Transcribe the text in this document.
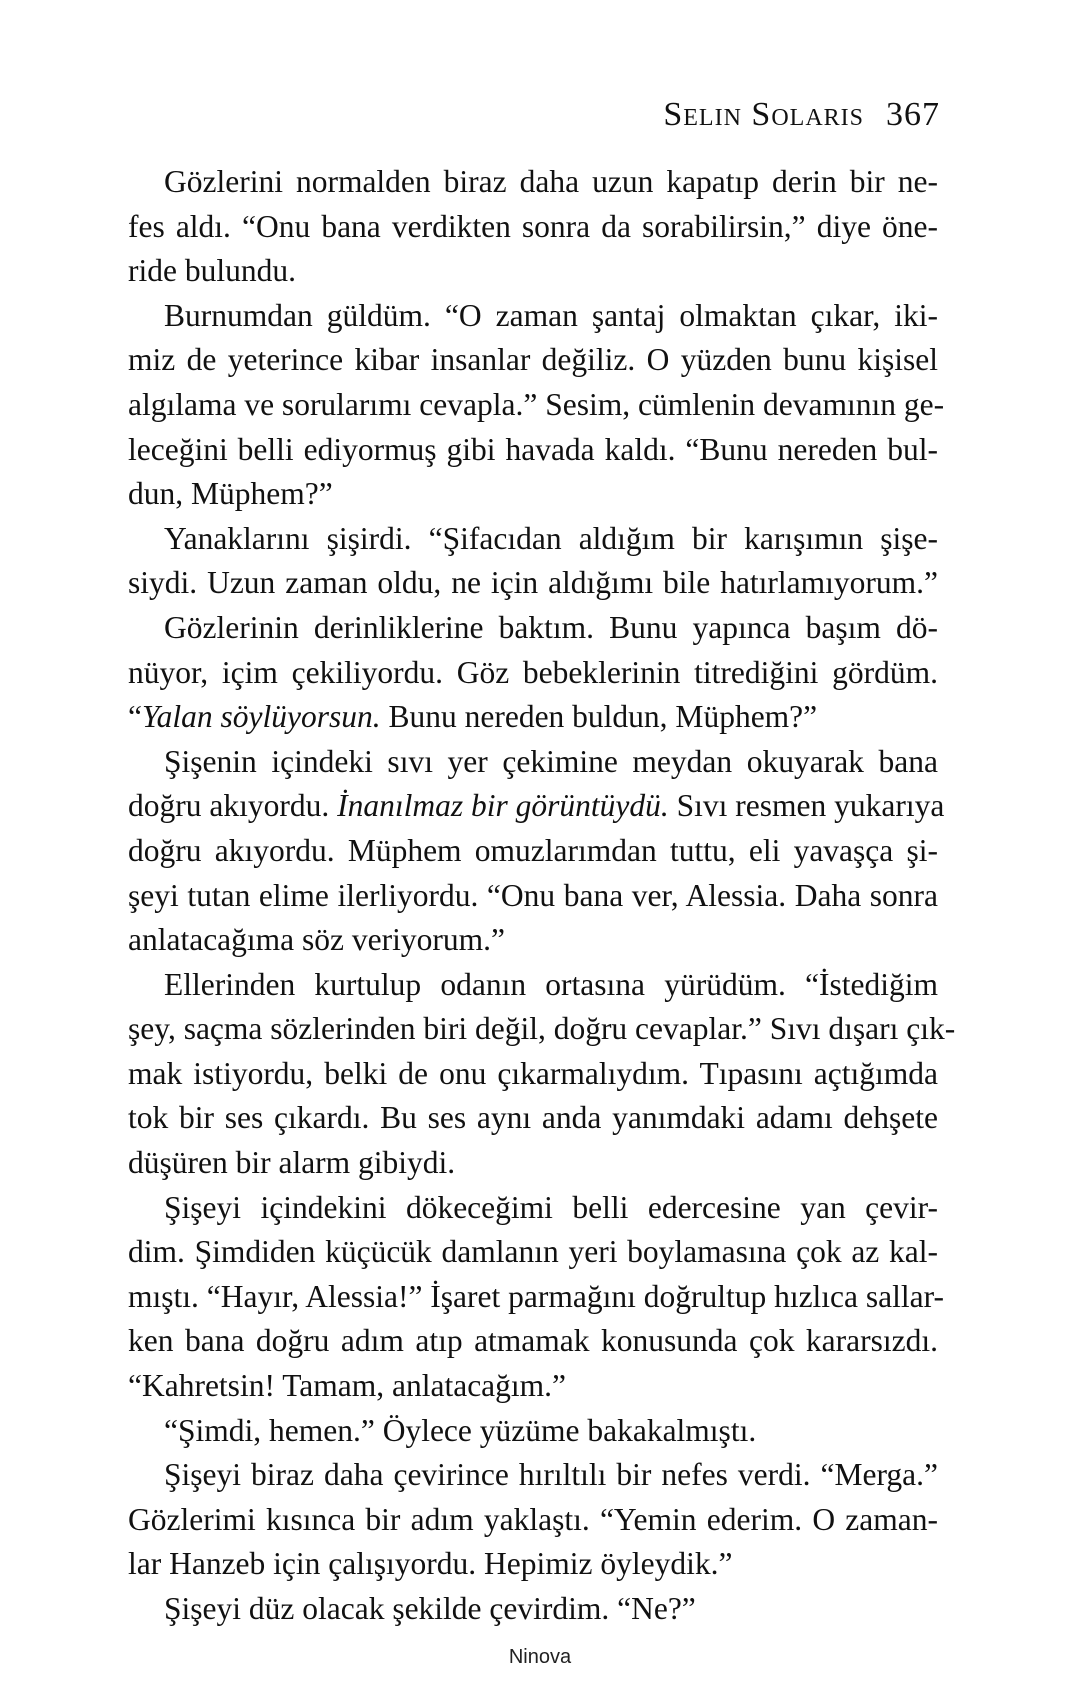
Selin Solaris 367
Gözlerini normalden biraz daha uzun kapatıp derin bir ne-
fes aldı. “Onu bana verdikten sonra da sorabilirsin,” diye öne-
ride bulundu.
Burnumdan güldüm. “O zaman şantaj olmaktan çıkar, iki-
miz de yeterince kibar insanlar değiliz. O yüzden bunu kişisel
algılama ve sorularımı cevapla.” Sesim, cümlenin devamının ge-
leceğini belli ediyormuş gibi havada kaldı. “Bunu nereden bul-
dun, Müphem?”
Yanaklarını şişirdi. “Şifacıdan aldığım bir karışımın şişe-
siydi. Uzun zaman oldu, ne için aldığımı bile hatırlamıyorum.”
Gözlerinin derinliklerine baktım. Bunu yapınca başım dö-
nüyor, içim çekiliyordu. Göz bebeklerinin titrediğini gördüm.
“Yalan söylüyorsun. Bunu nereden buldun, Müphem?”
Şişenin içindeki sıvı yer çekimine meydan okuyarak bana
doğru akıyordu. İnanılmaz bir görüntüydü. Sıvı resmen yukarıya
doğru akıyordu. Müphem omuzlarımdan tuttu, eli yavaşça şi-
şeyi tutan elime ilerliyordu. “Onu bana ver, Alessia. Daha sonra
anlatacağıma söz veriyorum.”
Ellerinden kurtulup odanın ortasına yürüdüm. “İstediğim
şey, saçma sözlerinden biri değil, doğru cevaplar.” Sıvı dışarı çık-
mak istiyordu, belki de onu çıkarmalıydım. Tıpasını açtığımda
tok bir ses çıkardı. Bu ses aynı anda yanımdaki adamı dehşete
düşüren bir alarm gibiydi.
Şişeyi içindekini dökeceğimi belli edercesine yan çevir-
dim. Şimdiden küçücük damlanın yeri boylamasına çok az kal-
mıştı. “Hayır, Alessia!” İşaret parmağını doğrultup hızlıca sallar-
ken bana doğru adım atıp atmamak konusunda çok kararsızdı.
“Kahretsin! Tamam, anlatacağım.”
“Şimdi, hemen.” Öylece yüzüme bakakalmıştı.
Şişeyi biraz daha çevirince hırıltılı bir nefes verdi. “Merga.”
Gözlerimi kısınca bir adım yaklaştı. “Yemin ederim. O zaman-
lar Hanzeb için çalışıyordu. Hepimiz öyleydik.”
Şişeyi düz olacak şekilde çevirdim. “Ne?”
Ninova
